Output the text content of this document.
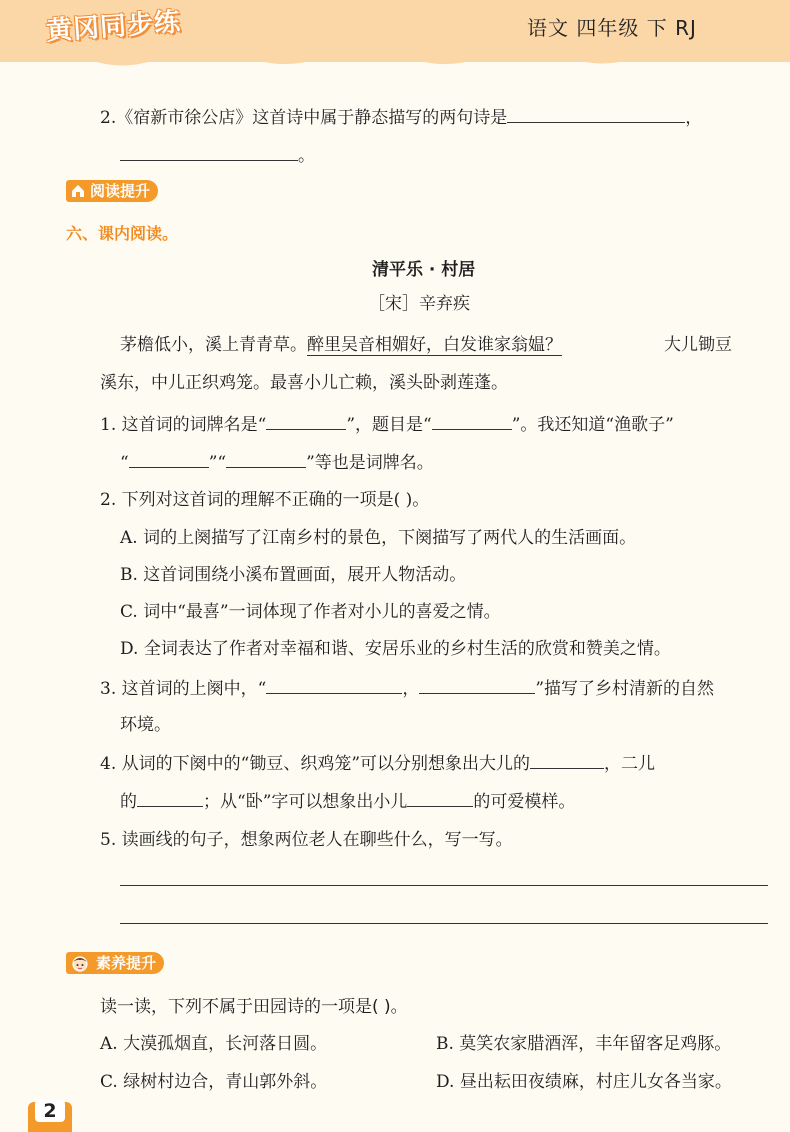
黄冈同步练	语文 四年级 下 RJ
2.《宿新市徐公店》这首诗中属于静态描写的两句诗是	，
。
阅读提升
六、课内阅读。
清平乐 · 村居
［宋］辛弃疾
茅檐低小，溪上青青草。醉里吴音相媚好，白发谁家翁媪？	大儿锄豆
溪东，中儿正织鸡笼。最喜小儿亡赖，溪头卧剥莲蓬。
1. 这首词的词牌名是“	”，题目是“	”。我还知道“渔歌子”
“	”“	”等也是词牌名。
2. 下列对这首词的理解不正确的一项是( )。
A. 词的上阕描写了江南乡村的景色，下阕描写了两代人的生活画面。
B. 这首词围绕小溪布置画面，展开人物活动。
C. 词中“最喜”一词体现了作者对小儿的喜爱之情。
D. 全词表达了作者对幸福和谐、安居乐业的乡村生活的欣赏和赞美之情。
3. 这首词的上阕中，“	，	”描写了乡村清新的自然
环境。
4. 从词的下阕中的“锄豆、织鸡笼”可以分别想象出大儿的	，二儿
的	；从“卧”字可以想象出小儿	的可爱模样。
5. 读画线的句子，想象两位老人在聊些什么，写一写。
素养提升
读一读，下列不属于田园诗的一项是( )。
A. 大漠孤烟直，长河落日圆。	B. 莫笑农家腊酒浑，丰年留客足鸡豚。
C. 绿树村边合，青山郭外斜。	D. 昼出耘田夜绩麻，村庄儿女各当家。
2
